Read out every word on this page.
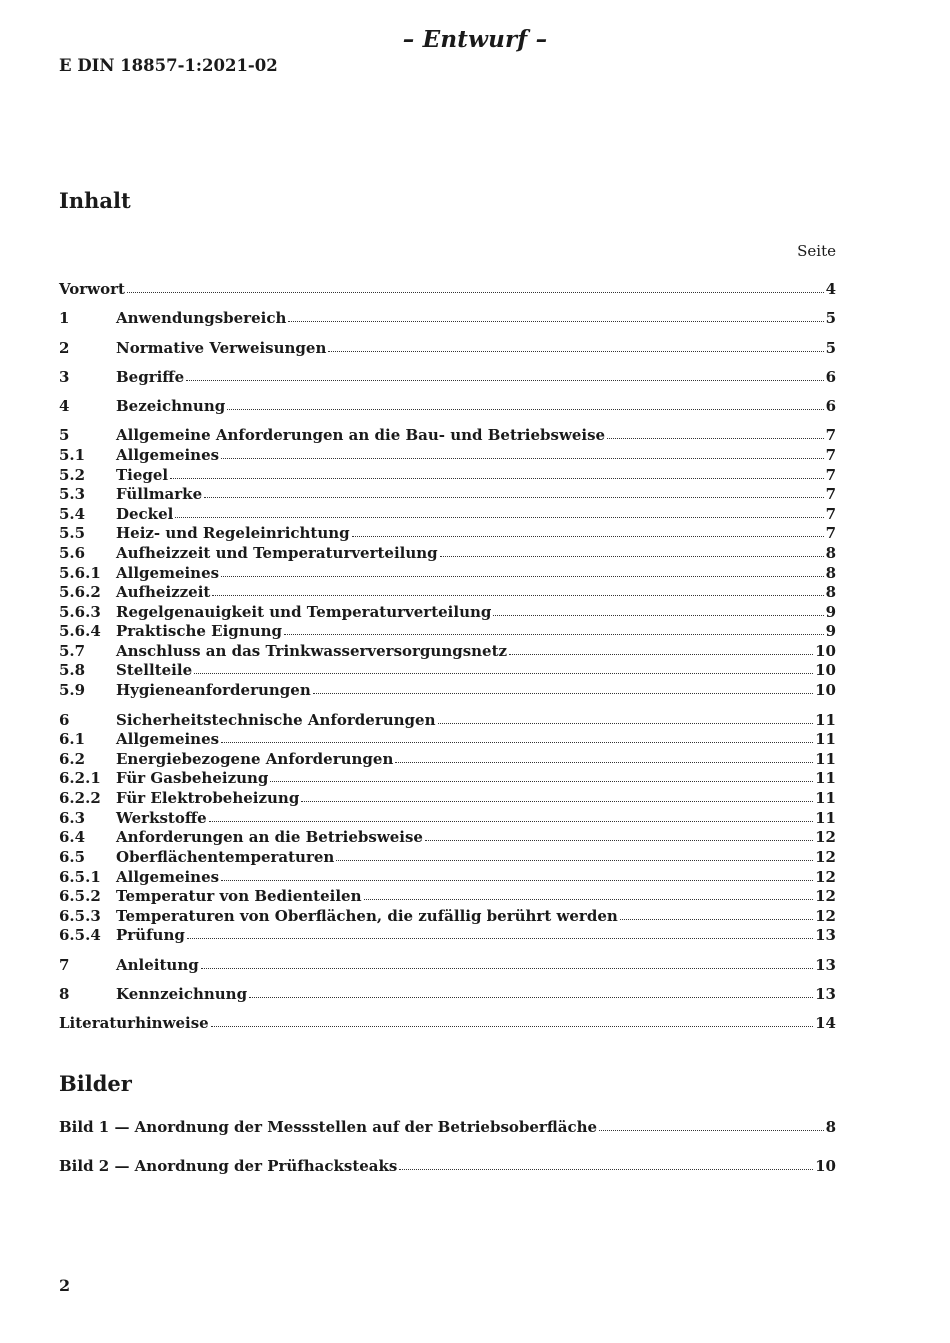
– Entwurf –
E DIN 18857-1:2021-02
Inhalt
Seite
Vorwort	4
1	Anwendungsbereich	5
2	Normative Verweisungen	5
3	Begriffe	6
4	Bezeichnung	6
5	Allgemeine Anforderungen an die Bau- und Betriebsweise	7
5.1	Allgemeines	7
5.2	Tiegel	7
5.3	Füllmarke	7
5.4	Deckel	7
5.5	Heiz- und Regeleinrichtung	7
5.6	Aufheizzeit und Temperaturverteilung	8
5.6.1	Allgemeines	8
5.6.2	Aufheizzeit	8
5.6.3	Regelgenauigkeit und Temperaturverteilung	9
5.6.4	Praktische Eignung	9
5.7	Anschluss an das Trinkwasserversorgungsnetz	10
5.8	Stellteile	10
5.9	Hygieneanforderungen	10
6	Sicherheitstechnische Anforderungen	11
6.1	Allgemeines	11
6.2	Energiebezogene Anforderungen	11
6.2.1	Für Gasbeheizung	11
6.2.2	Für Elektrobeheizung	11
6.3	Werkstoffe	11
6.4	Anforderungen an die Betriebsweise	12
6.5	Oberflächentemperaturen	12
6.5.1	Allgemeines	12
6.5.2	Temperatur von Bedienteilen	12
6.5.3	Temperaturen von Oberflächen, die zufällig berührt werden	12
6.5.4	Prüfung	13
7	Anleitung	13
8	Kennzeichnung	13
Literaturhinweise	14
Bilder
Bild 1 — Anordnung der Messstellen auf der Betriebsoberfläche	8
Bild 2 — Anordnung der Prüfhacksteaks	10
2
